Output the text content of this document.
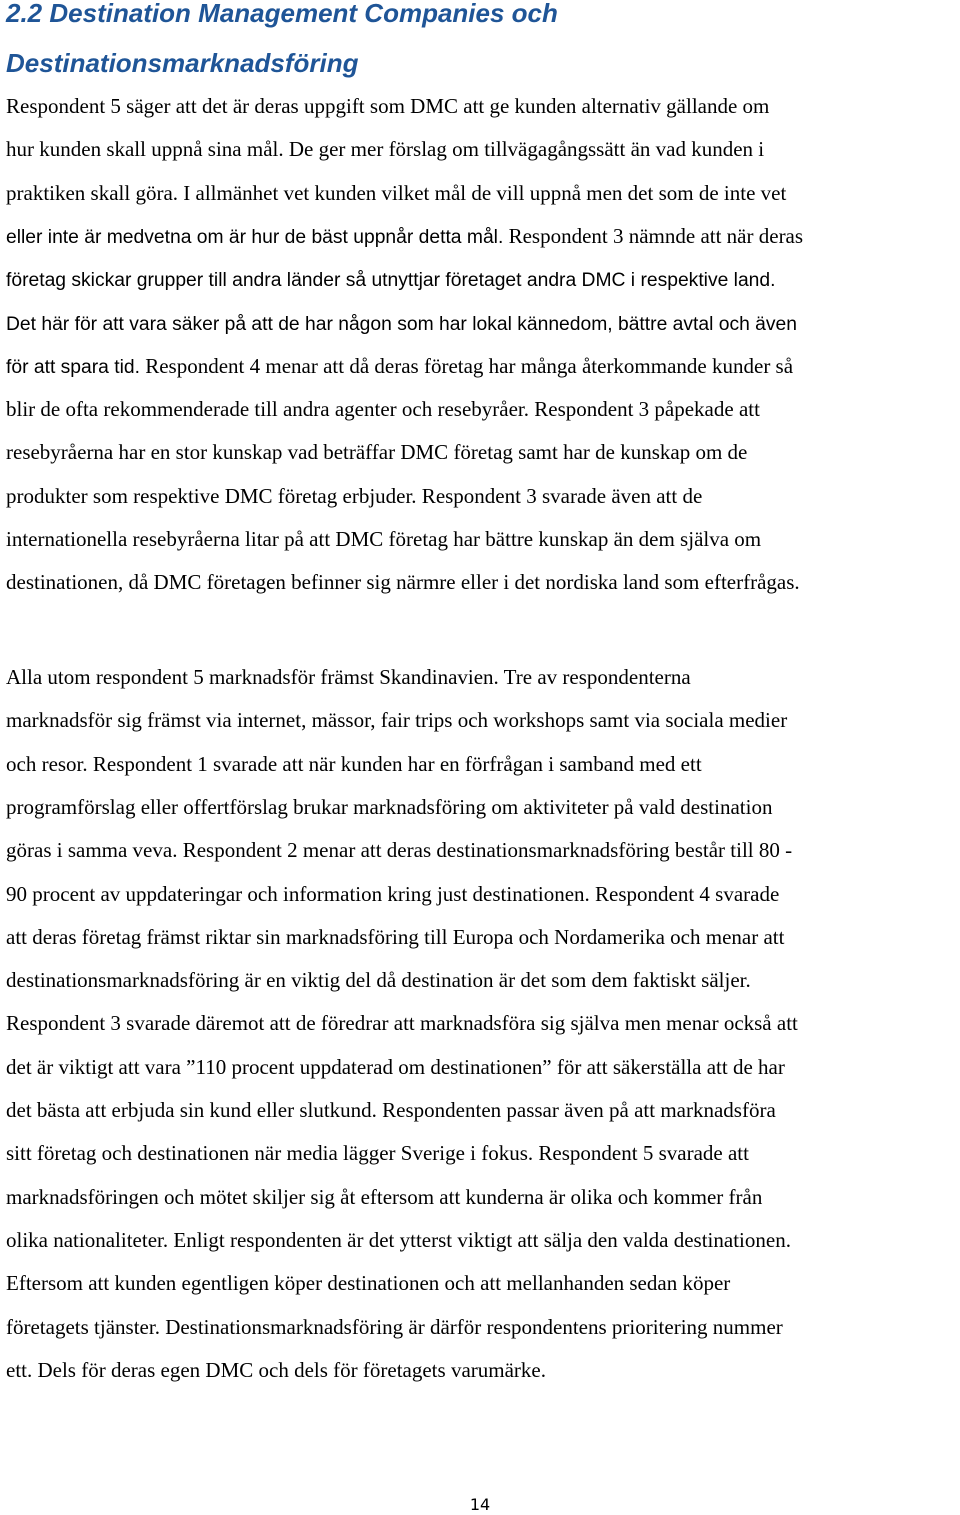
2.2 Destination Management Companies och
Destinationsmarknadsföring
Respondent 5 säger att det är deras uppgift som DMC att ge kunden alternativ gällande om
hur kunden skall uppnå sina mål. De ger mer förslag om tillvägagångssätt än vad kunden i
praktiken skall göra. I allmänhet vet kunden vilket mål de vill uppnå men det som de inte vet
eller inte är medvetna om är hur de bäst uppnår detta mål. Respondent 3 nämnde att när deras
företag skickar grupper till andra länder så utnyttjar företaget andra DMC i respektive land.
Det här för att vara säker på att de har någon som har lokal kännedom, bättre avtal och även
för att spara tid. Respondent 4 menar att då deras företag har många återkommande kunder så
blir de ofta rekommenderade till andra agenter och resebyråer. Respondent 3 påpekade att
resebyråerna har en stor kunskap vad beträffar DMC företag samt har de kunskap om de
produkter som respektive DMC företag erbjuder. Respondent 3 svarade även att de
internationella resebyråerna litar på att DMC företag har bättre kunskap än dem själva om
destinationen, då DMC företagen befinner sig närmre eller i det nordiska land som efterfrågas.
Alla utom respondent 5 marknadsför främst Skandinavien. Tre av respondenterna
marknadsför sig främst via internet, mässor, fair trips och workshops samt via sociala medier
och resor. Respondent 1 svarade att när kunden har en förfrågan i samband med ett
programförslag eller offertförslag brukar marknadsföring om aktiviteter på vald destination
göras i samma veva. Respondent 2 menar att deras destinationsmarknadsföring består till 80 -
90 procent av uppdateringar och information kring just destinationen. Respondent 4 svarade
att deras företag främst riktar sin marknadsföring till Europa och Nordamerika och menar att
destinationsmarknadsföring är en viktig del då destination är det som dem faktiskt säljer.
Respondent 3 svarade däremot att de föredrar att marknadsföra sig själva men menar också att
det är viktigt att vara ”110 procent uppdaterad om destinationen” för att säkerställa att de har
det bästa att erbjuda sin kund eller slutkund. Respondenten passar även på att marknadsföra
sitt företag och destinationen när media lägger Sverige i fokus. Respondent 5 svarade att
marknadsföringen och mötet skiljer sig åt eftersom att kunderna är olika och kommer från
olika nationaliteter. Enligt respondenten är det ytterst viktigt att sälja den valda destinationen.
Eftersom att kunden egentligen köper destinationen och att mellanhanden sedan köper
företagets tjänster. Destinationsmarknadsföring är därför respondentens prioritering nummer
ett. Dels för deras egen DMC och dels för företagets varumärke.
14
